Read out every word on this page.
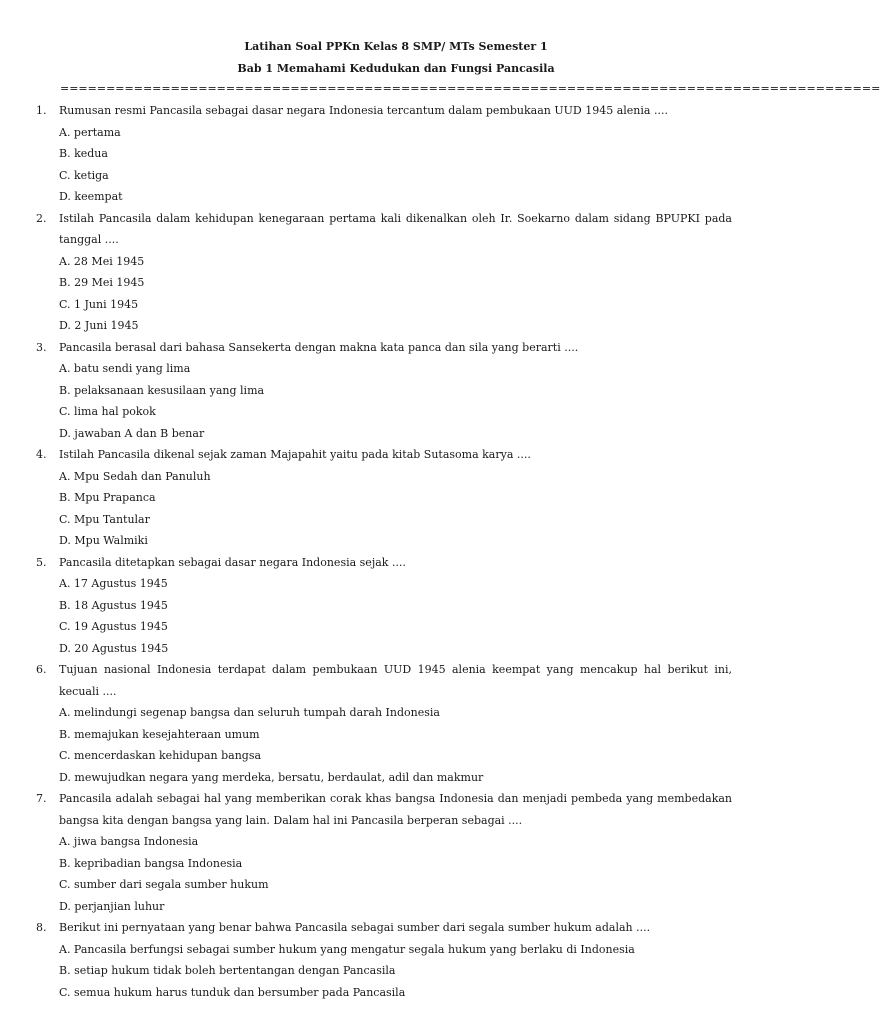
Latihan Soal PPKn Kelas 8 SMP/ MTs Semester 1
Bab 1 Memahami Kedudukan dan Fungsi Pancasila
=========================================================================================
1. Rumusan resmi Pancasila sebagai dasar negara Indonesia tercantum dalam pembukaan UUD 1945 alenia ....
A. pertama
B. kedua
C. ketiga
D. keempat
2. Istilah Pancasila dalam kehidupan kenegaraan pertama kali dikenalkan oleh Ir. Soekarno dalam sidang BPUPKI pada tanggal ....
A. 28 Mei 1945
B. 29 Mei 1945
C. 1 Juni 1945
D. 2 Juni 1945
3. Pancasila berasal dari bahasa Sansekerta dengan makna kata panca dan sila yang berarti ....
A. batu sendi yang lima
B. pelaksanaan kesusilaan yang lima
C. lima hal pokok
D. jawaban A dan B benar
4. Istilah Pancasila dikenal sejak zaman Majapahit yaitu pada kitab Sutasoma karya ....
A. Mpu Sedah dan Panuluh
B. Mpu Prapanca
C. Mpu Tantular
D. Mpu Walmiki
5. Pancasila ditetapkan sebagai dasar negara Indonesia sejak ....
A. 17 Agustus 1945
B. 18 Agustus 1945
C. 19 Agustus 1945
D. 20 Agustus 1945
6. Tujuan nasional Indonesia terdapat dalam pembukaan UUD 1945 alenia keempat yang mencakup hal berikut ini, kecuali ....
A. melindungi segenap bangsa dan seluruh tumpah darah Indonesia
B. memajukan kesejahteraan umum
C. mencerdaskan kehidupan bangsa
D. mewujudkan negara yang merdeka, bersatu, berdaulat, adil dan makmur
7. Pancasila adalah sebagai hal yang memberikan corak khas bangsa Indonesia dan menjadi pembeda yang membedakan bangsa kita dengan bangsa yang lain. Dalam hal ini Pancasila berperan sebagai ....
A. jiwa bangsa Indonesia
B. kepribadian bangsa Indonesia
C. sumber dari segala sumber hukum
D. perjanjian luhur
8. Berikut ini pernyataan yang benar bahwa Pancasila sebagai sumber dari segala sumber hukum adalah ....
A. Pancasila berfungsi sebagai sumber hukum yang mengatur segala hukum yang berlaku di Indonesia
B. setiap hukum tidak boleh bertentangan dengan Pancasila
C. semua hukum harus tunduk dan bersumber pada Pancasila
